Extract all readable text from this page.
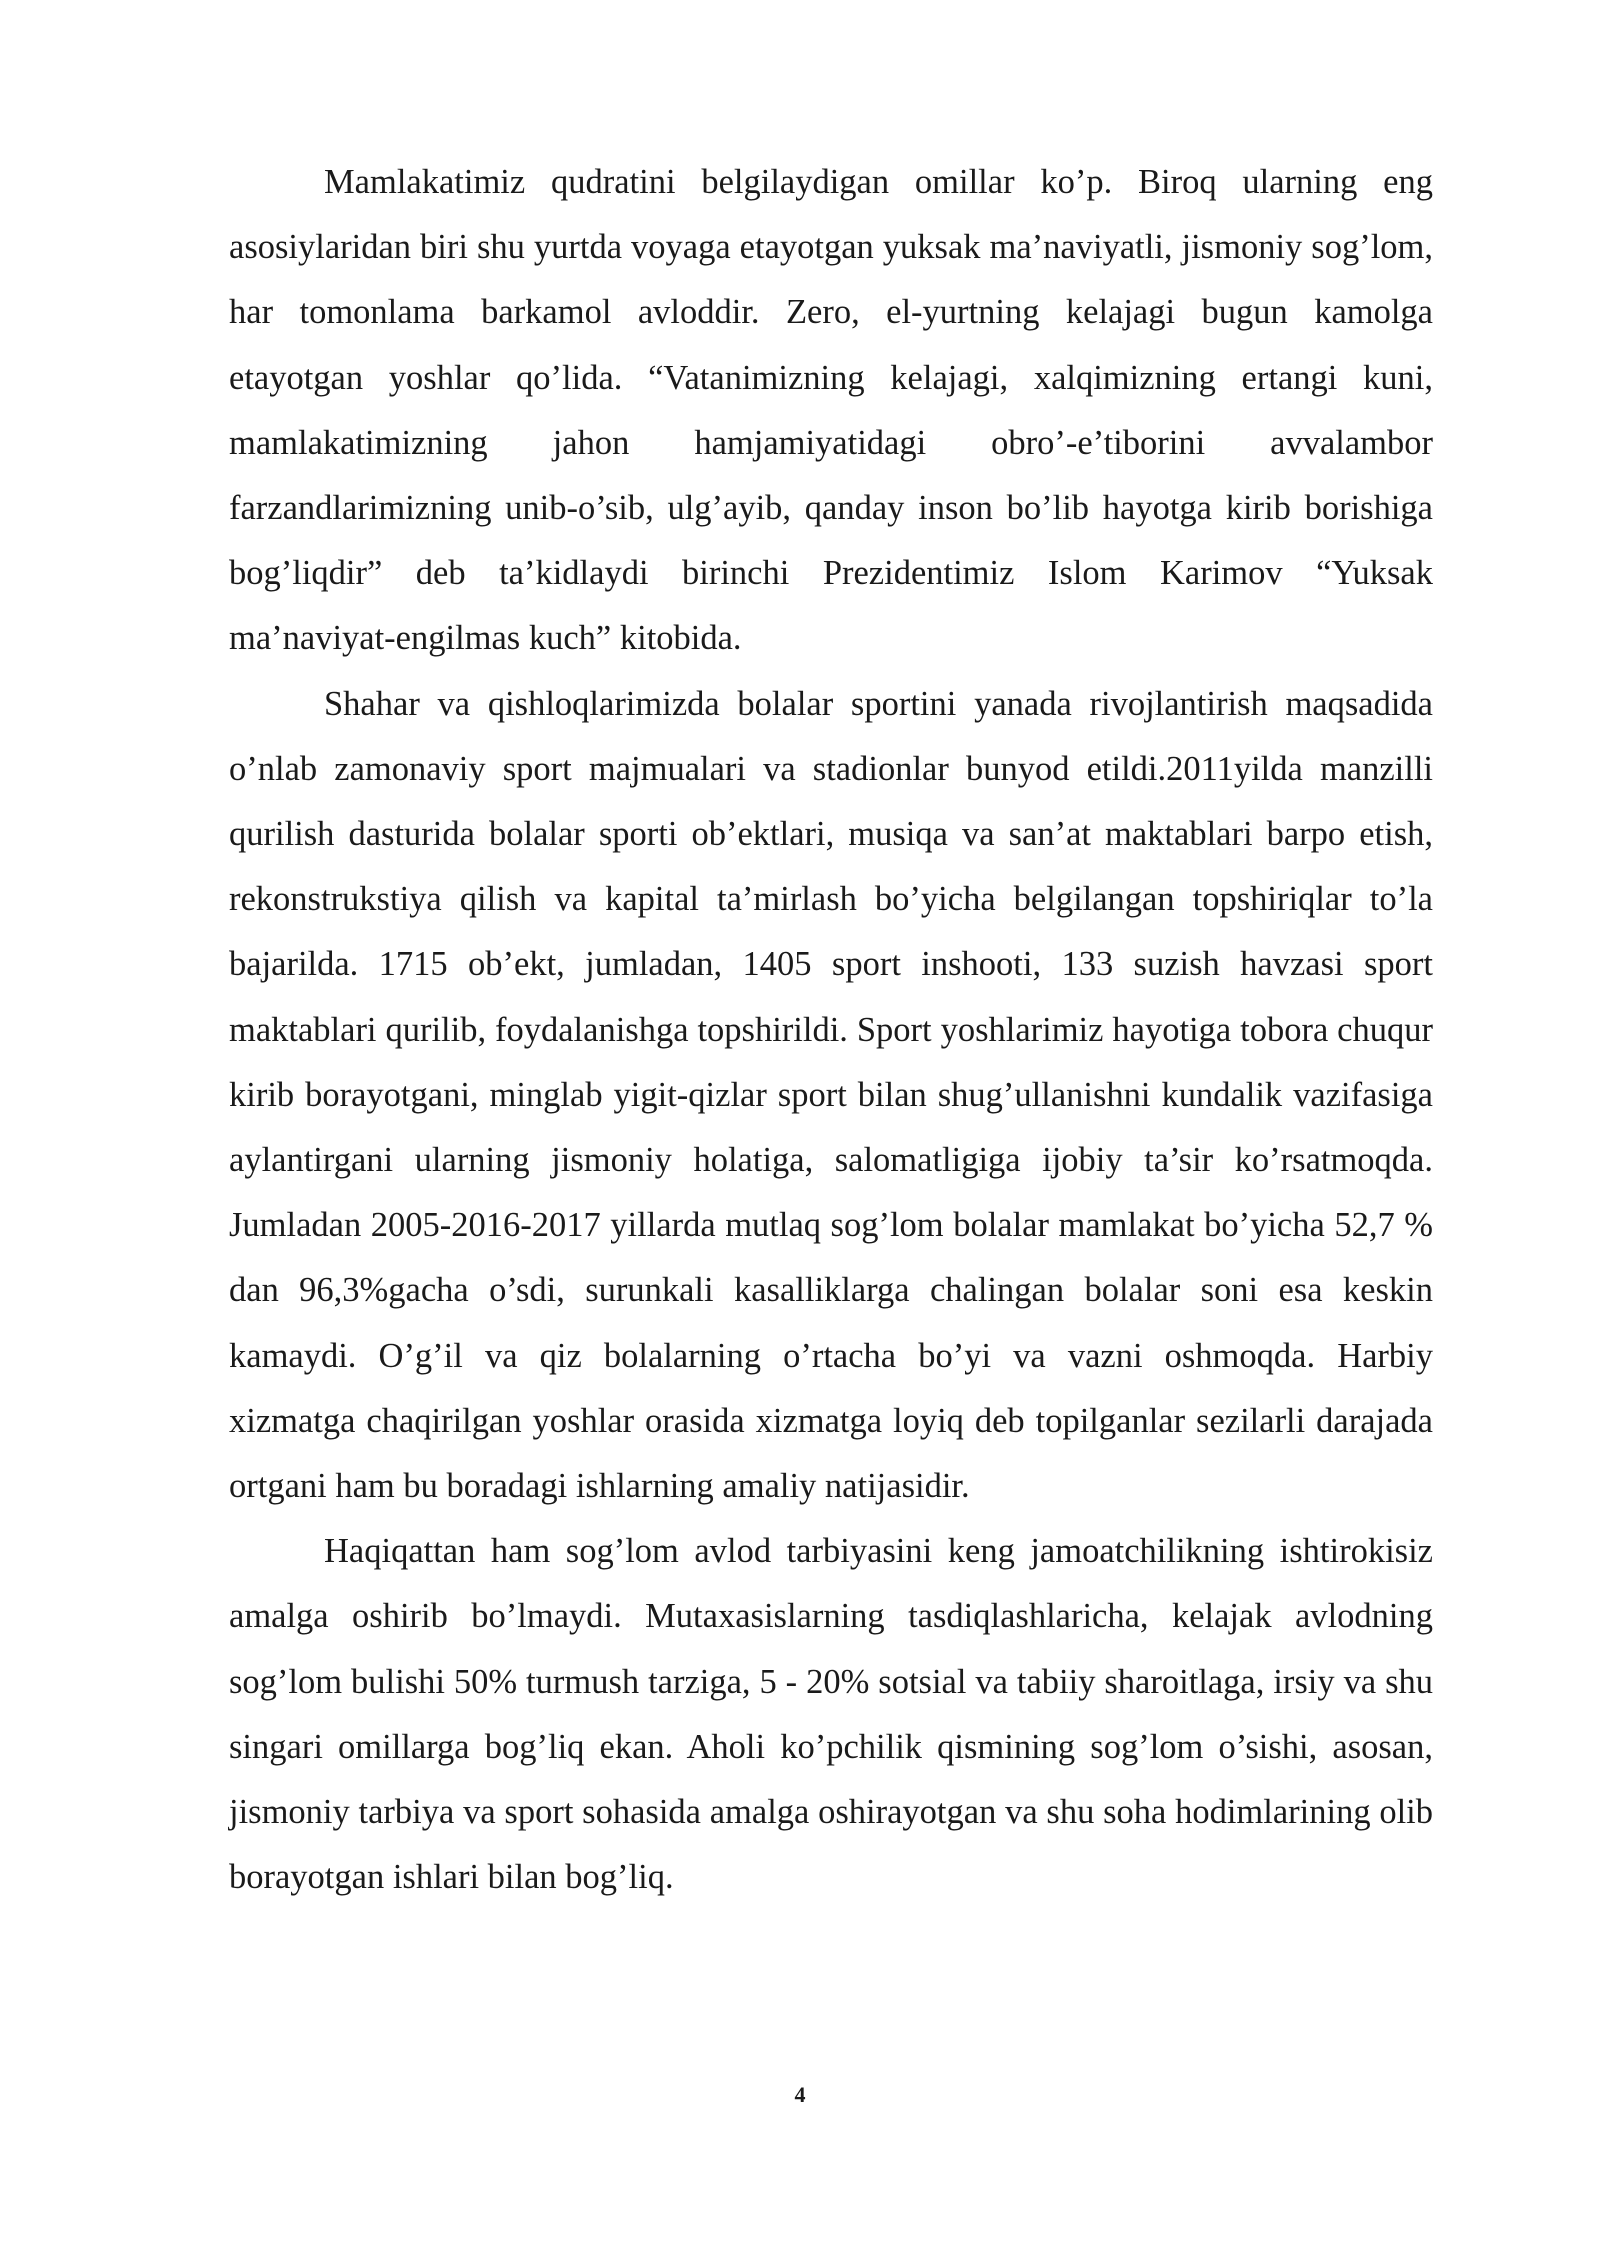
Mamlakatimiz qudratini belgilaydigan omillar ko’p. Biroq ularning eng asosiylaridan biri shu yurtda voyaga etayotgan yuksak ma’naviyatli, jismoniy sog’lom, har tomonlama barkamol avloddir. Zero, el-yurtning kelajagi bugun kamolga etayotgan yoshlar qo’lida. “Vatanimizning kelajagi, xalqimizning ertangi kuni, mamlakatimizning jahon hamjamiyatidagi obro’-e’tiborini avvalambor farzandlarimizning unib-o’sib, ulg’ayib, qanday inson bo’lib hayotga kirib borishiga bog’liqdir” deb ta’kidlaydi birinchi Prezidentimiz Islom Karimov “Yuksak ma’naviyat-engilmas kuch” kitobida.

Shahar va qishloqlarimizda bolalar sportini yanada rivojlantirish maqsadida o’nlab zamonaviy sport majmualari va stadionlar bunyod etildi.2011yilda manzilli qurilish dasturida bolalar sporti ob’ektlari, musiqa va san’at maktablari barpo etish, rekonstrukstiya qilish va kapital ta’mirlash bo’yicha belgilangan topshiriqlar to’la bajarilda. 1715 ob’ekt, jumladan, 1405 sport inshooti, 133 suzish havzasi sport maktablari qurilib, foydalanishga topshirildi. Sport yoshlarimiz hayotiga tobora chuqur kirib borayotgani, minglab yigit-qizlar sport bilan shug’ullanishni kundalik vazifasiga aylantirgani ularning jismoniy holatiga, salomatligiga ijobiy ta’sir ko’rsatmoqda. Jumladan 2005-2016-2017 yillarda mutlaq sog’lom bolalar mamlakat bo’yicha 52,7 % dan 96,3%gacha o’sdi, surunkali kasalliklarga chalingan bolalar soni esa keskin kamaydi. O’g’il va qiz bolalarning o’rtacha bo’yi va vazni oshmoqda. Harbiy xizmatga chaqirilgan yoshlar orasida xizmatga loyiq deb topilganlar sezilarli darajada ortgani ham bu boradagi ishlarning amaliy natijasidir.

Haqiqattan ham sog’lom avlod tarbiyasini keng jamoatchilikning ishtirokisiz amalga oshirib bo’lmaydi. Mutaxasislarning tasdiqlashlaricha, kelajak avlodning sog’lom bulishi 50% turmush tarziga, 5 - 20% sotsial va tabiiy sharoitlaga, irsiy va shu singari omillarga bog’liq ekan. Aholi ko’pchilik qismining sog’lom o’sishi, asosan, jismoniy tarbiya va sport sohasida amalga oshirayotgan va shu soha hodimlarining olib borayotgan ishlari bilan bog’liq.

4
